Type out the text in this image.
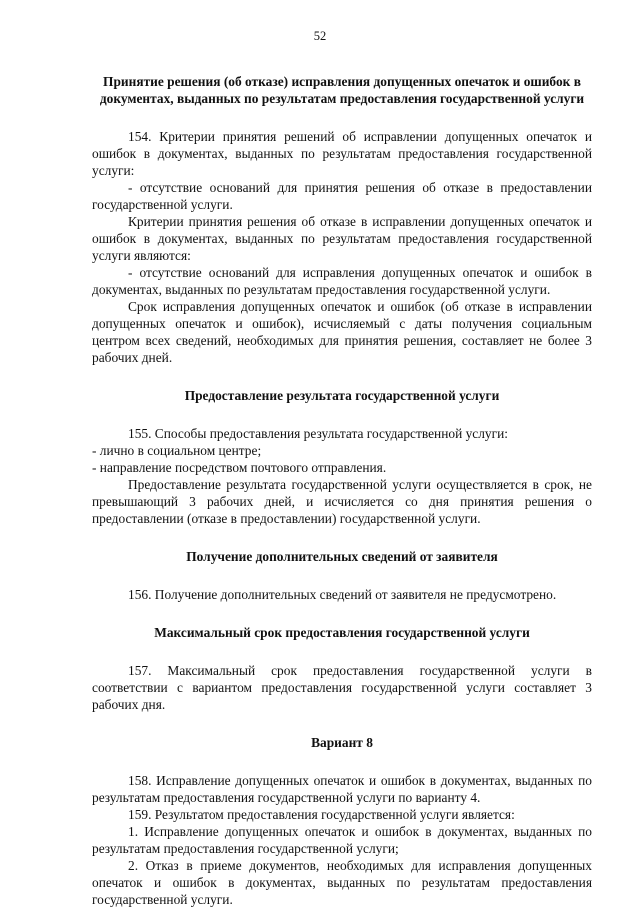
52
Принятие решения (об отказе) исправления допущенных опечаток и ошибок в
документах, выданных по результатам предоставления государственной услуги

154. Критерии принятия решений об исправлении допущенных опечаток и ошибок в документах, выданных по результатам предоставления государственной услуги:

- отсутствие оснований для принятия решения об отказе в предоставлении государственной услуги.

Критерии принятия решения об отказе в исправлении допущенных опечаток и ошибок в документах, выданных по результатам предоставления государственной услуги являются:

- отсутствие оснований для исправления допущенных опечаток и ошибок в документах, выданных по результатам предоставления государственной услуги.

Срок исправления допущенных опечаток и ошибок (об отказе в исправлении допущенных опечаток и ошибок), исчисляемый с даты получения социальным центром всех сведений, необходимых для принятия решения, составляет не более 3 рабочих дней.

Предоставление результата государственной услуги

155. Способы предоставления результата государственной услуги:

- лично в социальном центре;

- направление посредством почтового отправления.

Предоставление результата государственной услуги осуществляется в срок, не превышающий 3 рабочих дней, и исчисляется со дня принятия решения о предоставлении (отказе в предоставлении) государственной услуги.

Получение дополнительных сведений от заявителя

156. Получение дополнительных сведений от заявителя не предусмотрено.

Максимальный срок предоставления государственной услуги

157. Максимальный срок предоставления государственной услуги в соответствии с вариантом предоставления государственной услуги составляет 3 рабочих дня.

Вариант 8

158. Исправление допущенных опечаток и ошибок в документах, выданных по результатам предоставления государственной услуги по варианту 4.

159. Результатом предоставления государственной услуги является:

1. Исправление допущенных опечаток и ошибок в документах, выданных по результатам предоставления государственной услуги;

2. Отказ в приеме документов, необходимых для исправления допущенных опечаток и ошибок в документах, выданных по результатам предоставления государственной услуги.
